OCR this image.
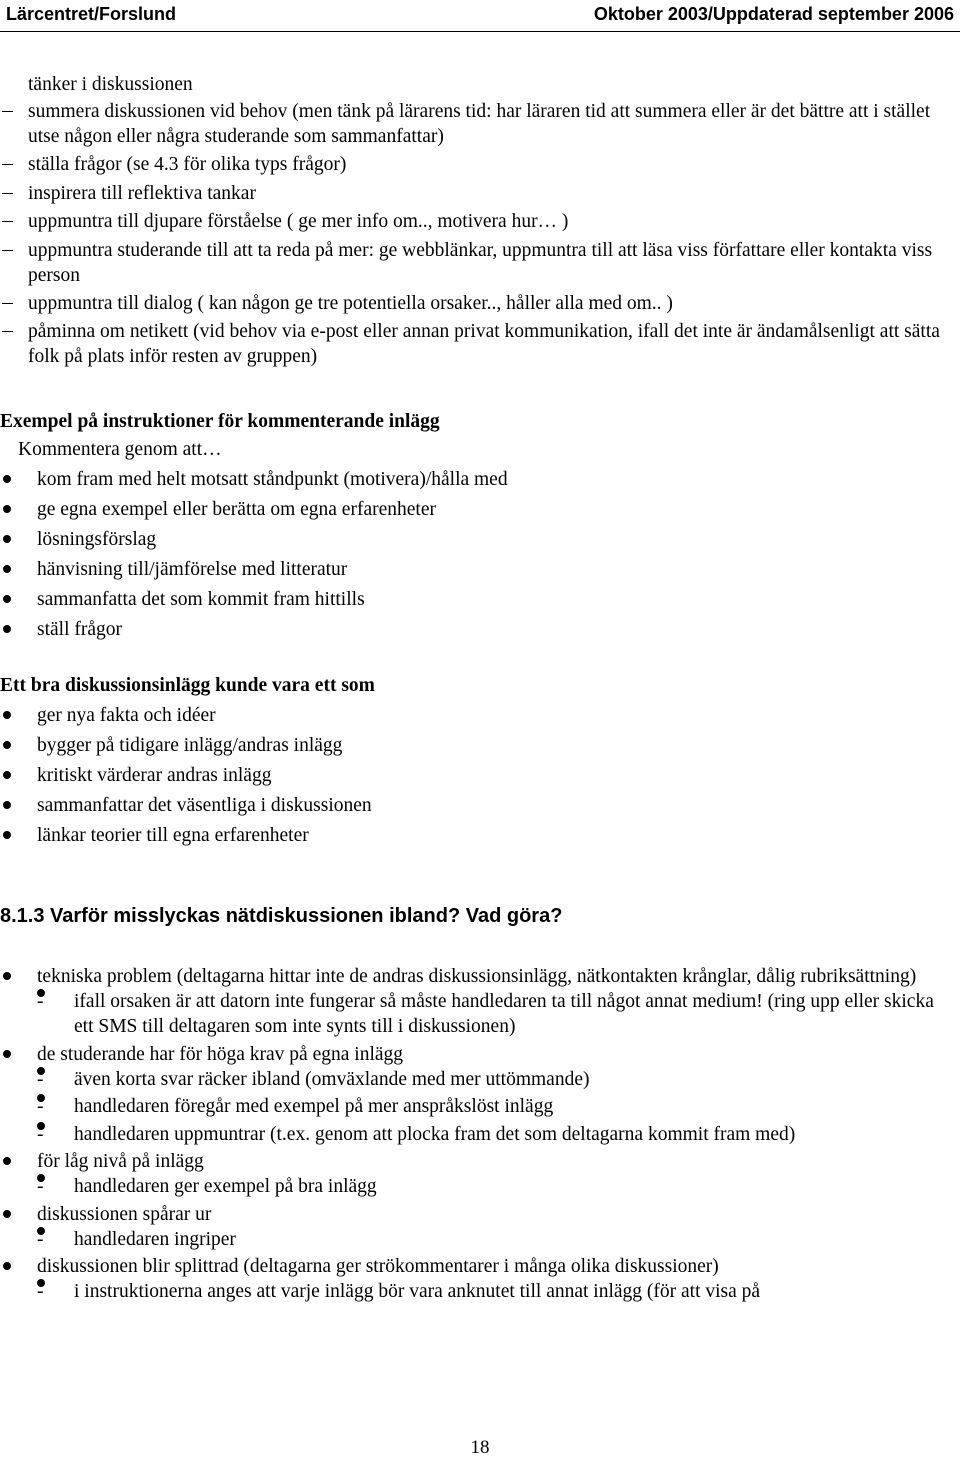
Lärcentret/Forslund	Oktober 2003/Uppdaterad september 2006
tänker i diskussionen
summera diskussionen vid behov (men tänk på lärarens tid: har läraren tid att summera eller är det bättre att i stället utse någon eller några studerande som sammanfattar)
ställa frågor (se 4.3 för olika typs frågor)
inspirera till reflektiva tankar
uppmuntra till djupare förståelse ( ge mer info om.., motivera hur… )
uppmuntra studerande till att ta reda på mer: ge webblänkar, uppmuntra till att läsa viss författare eller kontakta viss person
uppmuntra till dialog ( kan någon ge tre potentiella orsaker.., håller alla med om.. )
påminna om netikett (vid behov via e-post eller annan privat kommunikation, ifall det inte är ändamålsenligt att sätta folk på plats inför resten av gruppen)
Exempel på instruktioner för kommenterande inlägg
Kommentera genom att…
kom fram med helt motsatt ståndpunkt (motivera)/hålla med
ge egna exempel eller berätta om egna erfarenheter
lösningsförslag
hänvisning till/jämförelse med litteratur
sammanfatta det som kommit fram hittills
ställ frågor
Ett bra diskussionsinlägg kunde vara ett som
ger nya fakta och idéer
bygger på tidigare inlägg/andras inlägg
kritiskt värderar andras inlägg
sammanfattar det väsentliga i diskussionen
länkar teorier till egna erfarenheter
8.1.3 Varför misslyckas nätdiskussionen ibland? Vad göra?
tekniska problem (deltagarna hittar inte de andras diskussionsinlägg, nätkontakten krånglar, dålig rubriksättning)
- ifall orsaken är att datorn inte fungerar så måste handledaren ta till något annat medium! (ring upp eller skicka ett SMS till deltagaren som inte synts till i diskussionen)
de studerande har för höga krav på egna inlägg
- även korta svar räcker ibland (omväxlande med mer uttömmande)
- handledaren föregår med exempel på mer anspråkslöst inlägg
- handledaren uppmuntrar (t.ex. genom att plocka fram det som deltagarna kommit fram med)
för låg nivå på inlägg
- handledaren ger exempel på bra inlägg
diskussionen spårar ur
- handledaren ingriper
diskussionen blir splittrad (deltagarna ger strökommentarer i många olika diskussioner)
- i instruktionerna anges att varje inlägg bör vara anknutet till annat inlägg (för att visa på
18
